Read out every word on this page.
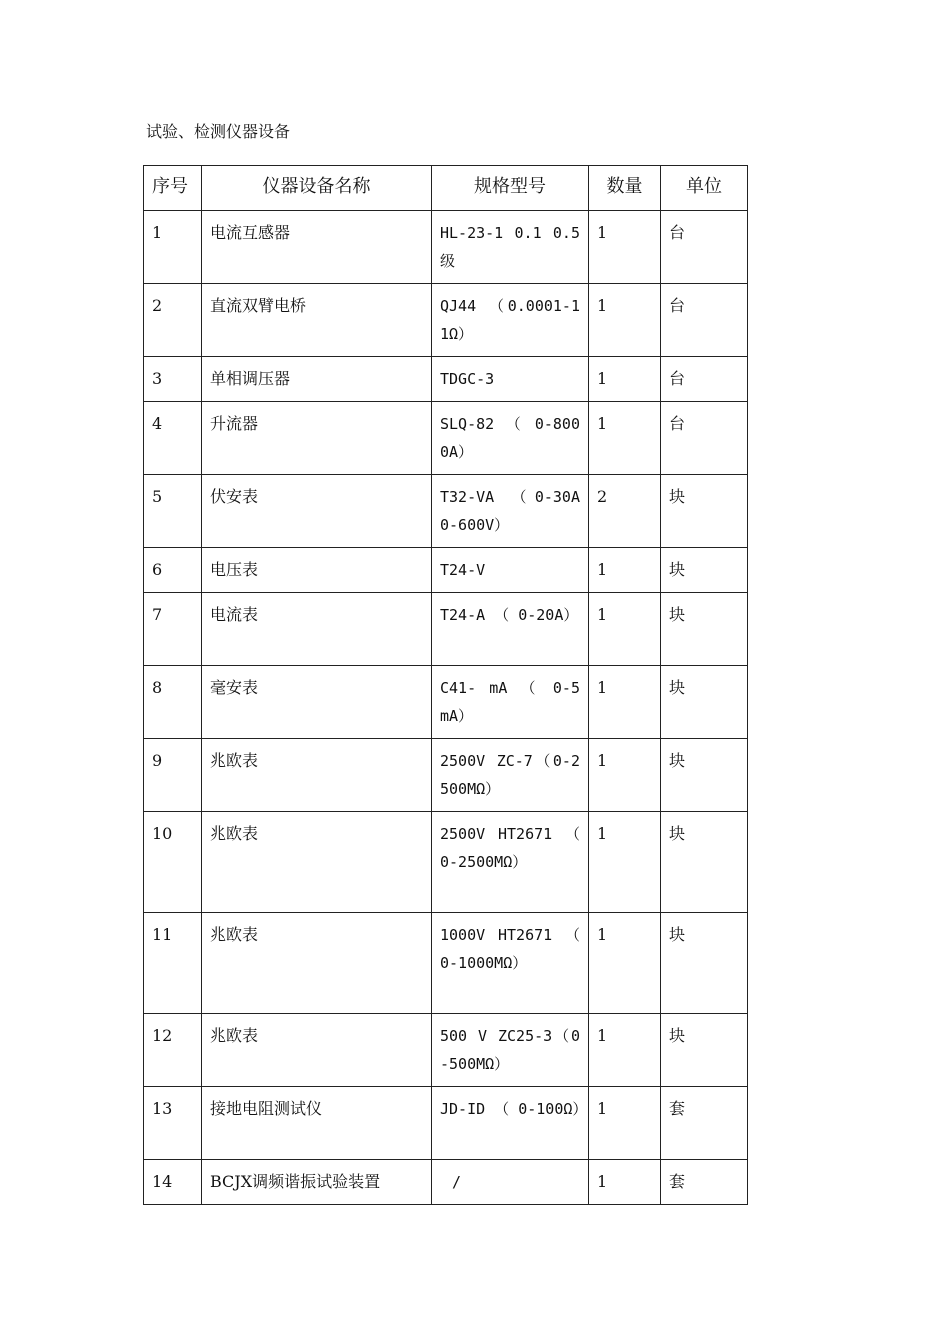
试验、检测仪器设备
序号	仪器设备名称	规格型号	数量	单位
1	电流互感器	HL-23-1 0.1 0.5级	1	台
2	直流双臂电桥	QJ44 （0.0001-11Ω）	1	台
3	单相调压器	TDGC-3	1	台
4	升流器	SLQ-82 （ 0-8000A）	1	台
5	伏安表	T32-VA （0-30A 0-600V）	2	块
6	电压表	T24-V	1	块
7	电流表	T24-A （ 0-20A）	1	块
8	毫安表	C41- mA （ 0-5 mA）	1	块
9	兆欧表	2500V ZC-7（0-2500MΩ）	1	块
10	兆欧表	2500V HT2671 （ 0-2500MΩ）	1	块
11	兆欧表	1000V HT2671 （ 0-1000MΩ）	1	块
12	兆欧表	500 V ZC25-3（0-500MΩ）	1	块
13	接地电阻测试仪	JD-ID （ 0-100Ω）	1	套
14	BCJX调频谐振试验装置	/	1	套
